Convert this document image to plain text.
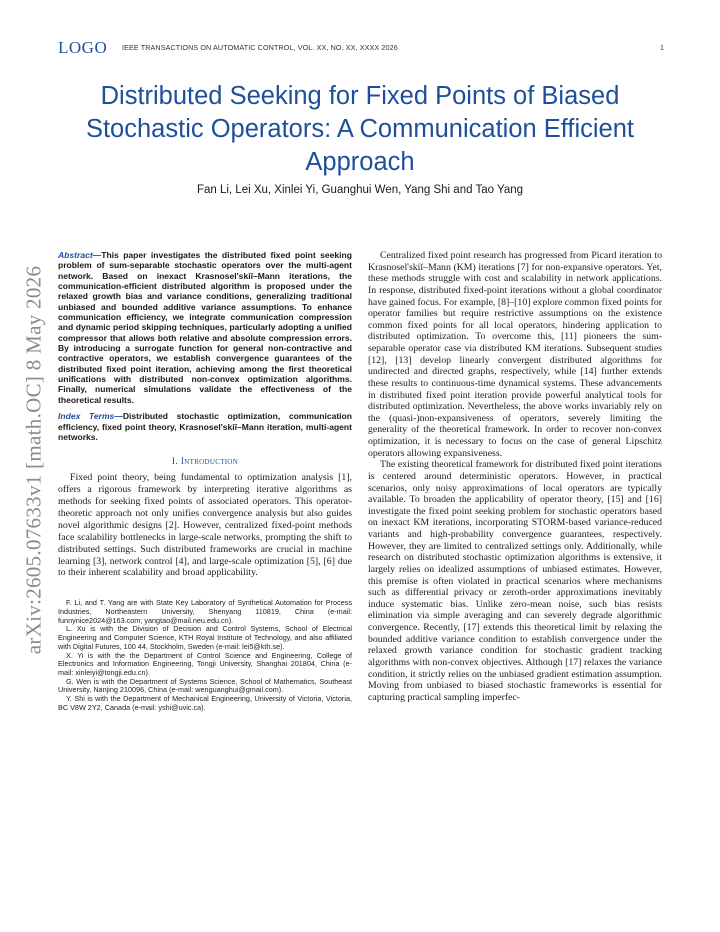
LOGO IEEE TRANSACTIONS ON AUTOMATIC CONTROL, VOL. XX, NO. XX, XXXX 2026	1
Distributed Seeking for Fixed Points of Biased Stochastic Operators: A Communication Efficient Approach
Fan Li, Lei Xu, Xinlei Yi, Guanghui Wen, Yang Shi and Tao Yang
arXiv:2605.07633v1 [math.OC] 8 May 2026
Abstract—This paper investigates the distributed fixed point seeking problem of sum-separable stochastic operators over the multi-agent network. Based on inexact Krasnosel'skiĭ–Mann iterations, the communication-efficient distributed algorithm is proposed under the relaxed growth bias and variance conditions, generalizing traditional unbiased and bounded additive variance assumptions. To enhance communication efficiency, we integrate communication compression and dynamic period skipping techniques, particularly adopting a unified compressor that allows both relative and absolute compression errors. By introducing a surrogate function for general non-contractive and contractive operators, we establish convergence guarantees of the distributed fixed point iteration, achieving among the first theoretical unifications with distributed non-convex optimization algorithms. Finally, numerical simulations validate the effectiveness of the theoretical results.
Index Terms—Distributed stochastic optimization, communication efficiency, fixed point theory, Krasnosel'skiĭ–Mann iteration, multi-agent networks.
I. Introduction

Fixed point theory, being fundamental to optimization analysis [1], offers a rigorous framework by interpreting iterative algorithms as methods for seeking fixed points of associated operators. This operator-theoretic approach not only unifies convergence analysis but also guides novel algorithmic designs [2]. However, centralized fixed-point methods face scalability bottlenecks in large-scale networks, prompting the shift to distributed settings. Such distributed frameworks are crucial in machine learning [3], network control [4], and large-scale optimization [5], [6] due to their inherent scalability and broad applicability.

F. Li, and T. Yang are with State Key Laboratory of Synthetical Automation for Process Industries, Northeastern University, Shenyang 110819, China (e-mail: funnynice2024@163.com; yangtao@mail.neu.edu.cn).

L. Xu is with the Division of Decision and Control Systems, School of Electrical Engineering and Computer Science, KTH Royal Institute of Technology, and also affiliated with Digital Futures, 100 44, Stockholm, Sweden (e-mail: lei5@kth.se).

X. Yi is with the the Department of Control Science and Engineering, College of Electronics and Information Engineering, Tongji University, Shanghai 201804, China (e-mail: xinleiyi@tongji.edu.cn).

G. Wen is with the Department of Systems Science, School of Mathematics, Southeast University, Nanjing 210096, China (e-mail: wenguanghui@gmail.com).

Y. Shi is with the Department of Mechanical Engineering, University of Victoria, Victoria, BC V8W 2Y2, Canada (e-mail: yshi@uvic.ca).

Centralized fixed point research has progressed from Picard iteration to Krasnosel'skiĭ–Mann (KM) iterations [7] for non-expansive operators. Yet, these methods struggle with cost and scalability in network applications. In response, distributed fixed-point iterations without a global coordinator have gained focus. For example, [8]–[10] explore common fixed points for operator families but require restrictive assumptions on the existence common fixed points for all local operators, hindering application to distributed optimization. To overcome this, [11] pioneers the sum-separable operator case via distributed KM iterations. Subsequent studies [12], [13] develop linearly convergent distributed algorithms for undirected and directed graphs, respectively, while [14] further extends these results to continuous-time dynamical systems. These advancements in distributed fixed point iteration provide powerful analytical tools for distributed optimization. Nevertheless, the above works invariably rely on the (quasi-)non-expansiveness of operators, severely limiting the generality of the theoretical framework. In order to recover non-convex optimization, it is necessary to focus on the case of general Lipschitz operators allowing expansiveness.

The existing theoretical framework for distributed fixed point iterations is centered around deterministic operators. However, in practical scenarios, only noisy approximations of local operators are typically available. To broaden the applicability of operator theory, [15] and [16] investigate the fixed point seeking problem for stochastic operators based on inexact KM iterations, incorporating STORM-based variance-reduced variants and high-probability convergence guarantees, respectively. However, they are limited to centralized settings only. Additionally, while research on distributed stochastic optimization algorithms is extensive, it largely relies on idealized assumptions of unbiased estimates. However, this premise is often violated in practical scenarios where mechanisms such as differential privacy or zeroth-order approximations inevitably induce systematic bias. Unlike zero-mean noise, such bias resists elimination via simple averaging and can severely degrade algorithmic convergence. Recently, [17] extends this theoretical limit by relaxing the bounded additive variance condition to establish convergence under the relaxed growth variance condition for stochastic gradient tracking algorithms with non-convex objectives. Although [17] relaxes the variance condition, it strictly relies on the unbiased gradient estimation assumption. Moving from unbiased to biased stochastic frameworks is essential for capturing practical sampling imperfec-
